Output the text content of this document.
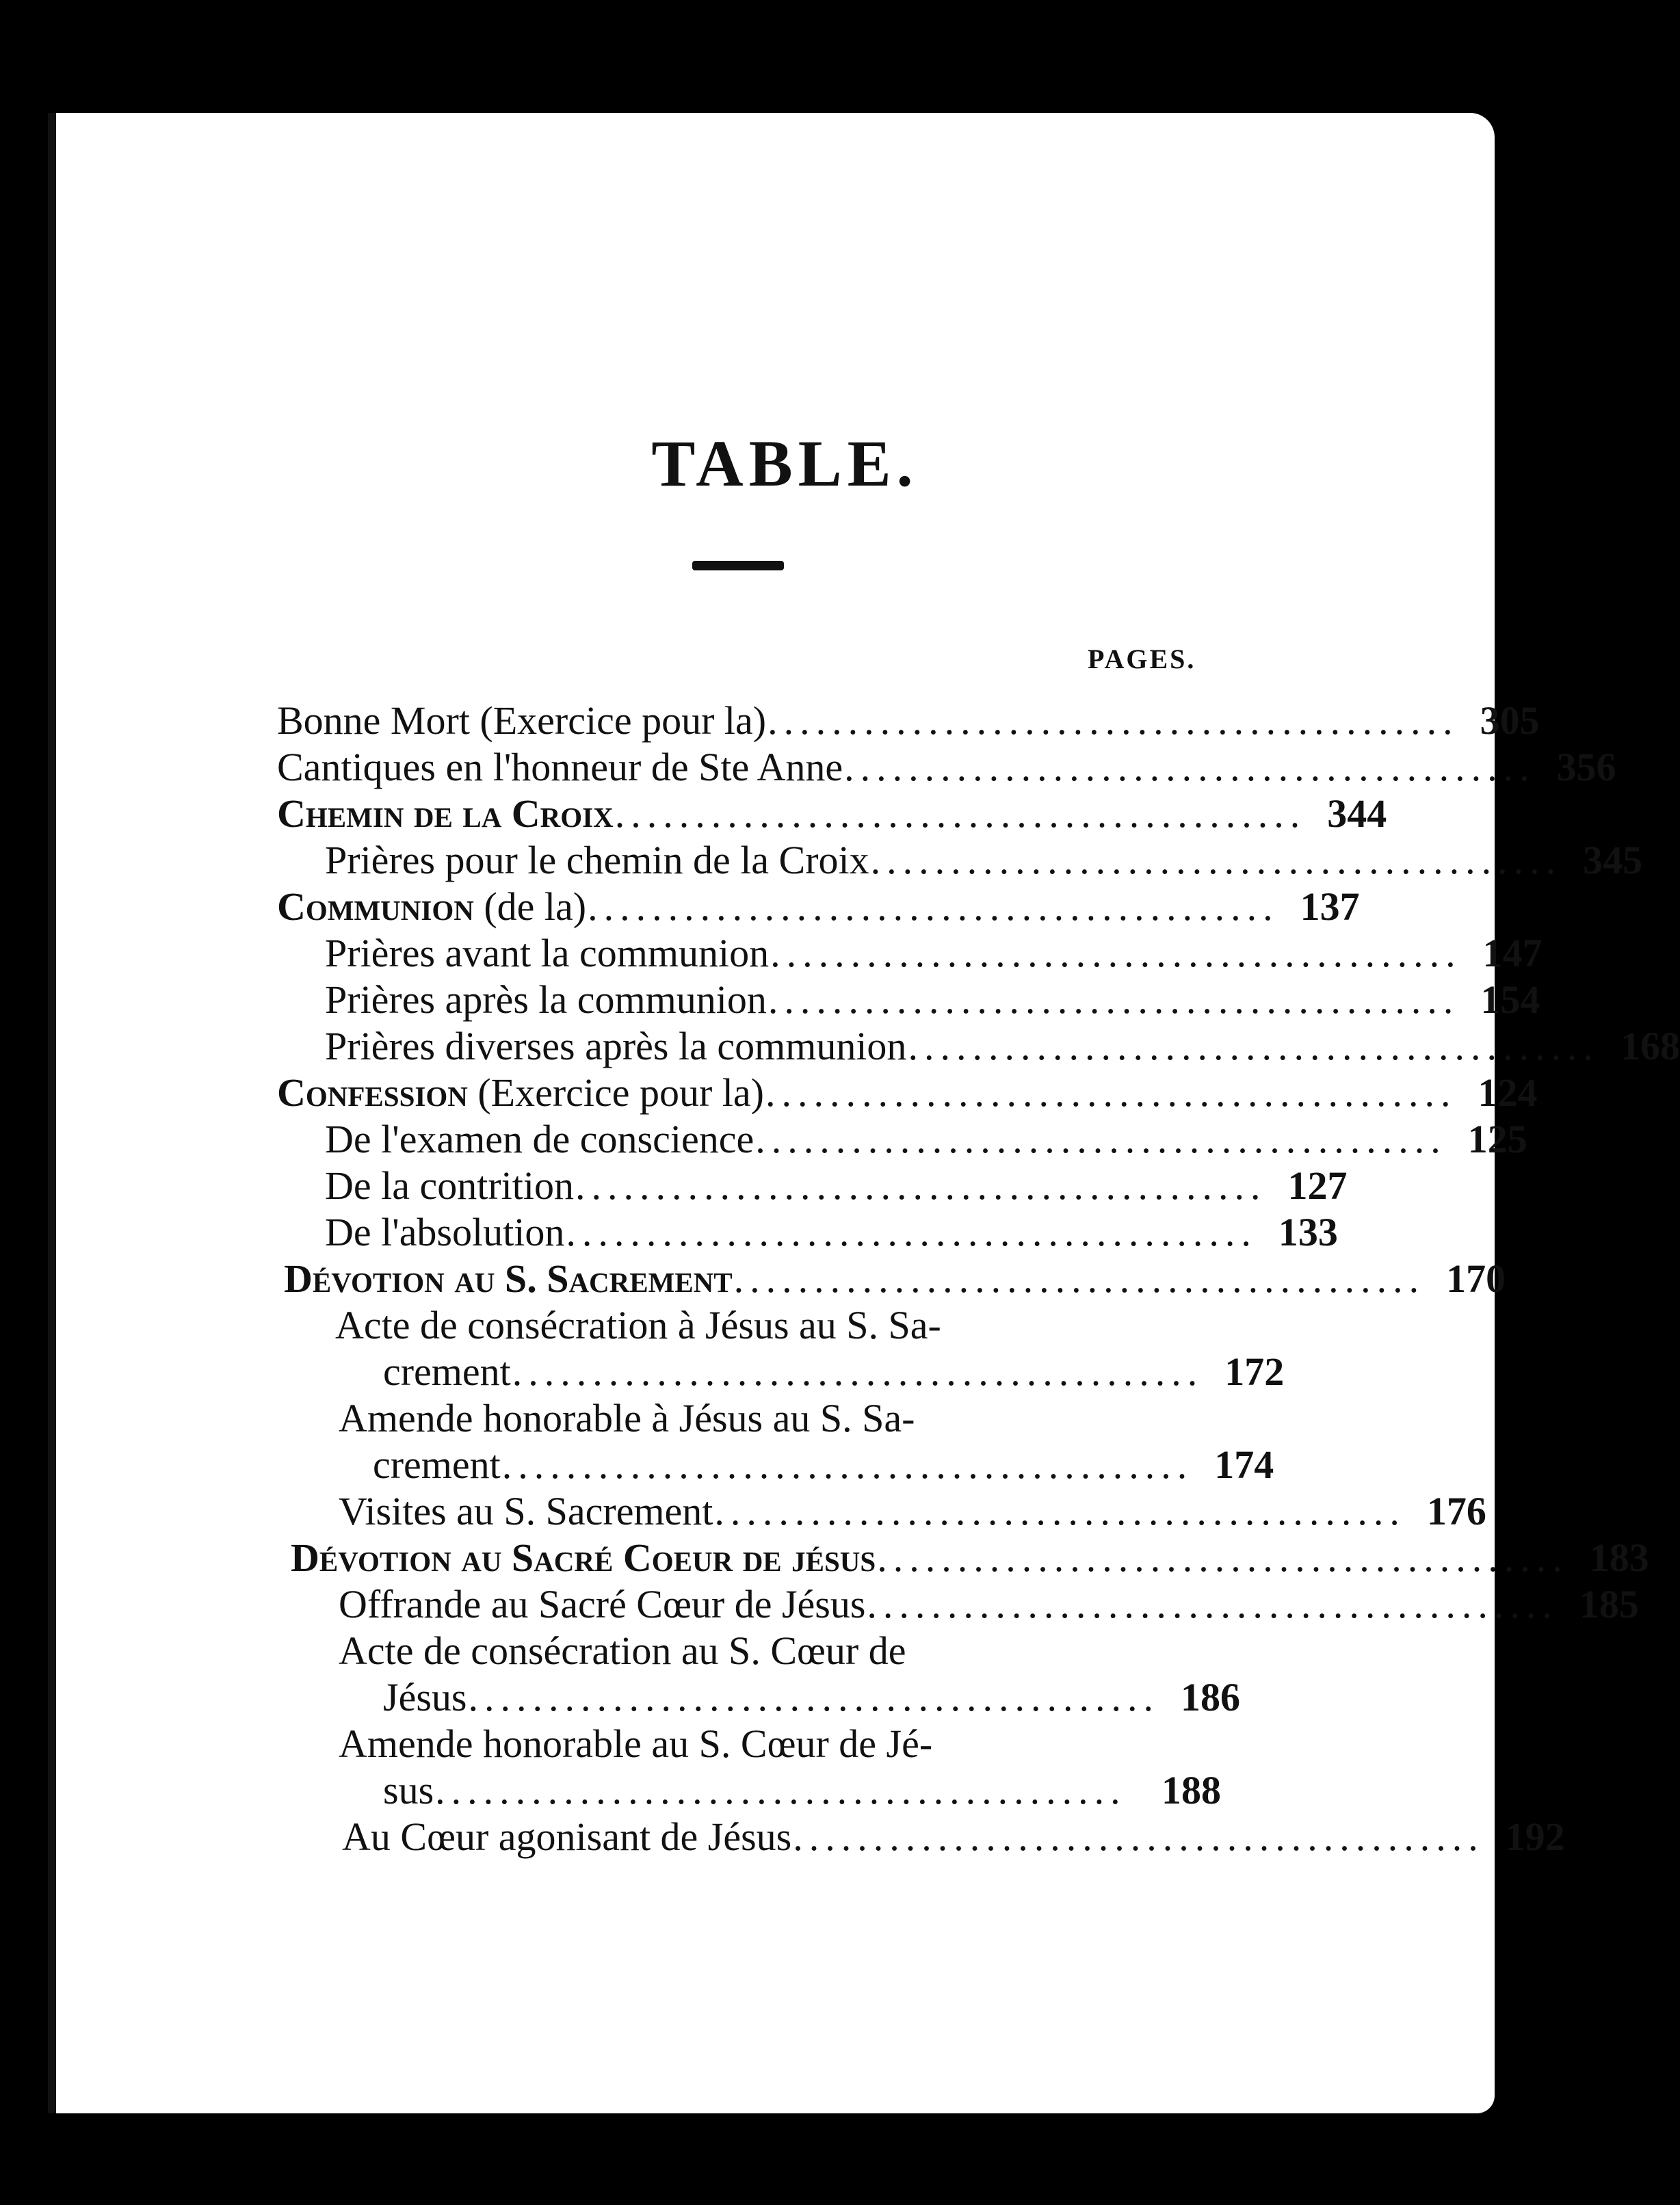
TABLE.
PAGES.
Bonne Mort (Exercice pour la) ........................................... 305
Cantiques en l'honneur de Ste Anne ........................................... 356
Chemin de la Croix ........................................... 344
Prières pour le chemin de la Croix ........................................... 345
Communion (de la) ........................................... 137
Prières avant la communion ........................................... 147
Prières après la communion ........................................... 154
Prières diverses après la communion ........................................... 168
Confession (Exercice pour la) ........................................... 124
De l'examen de conscience ........................................... 125
De la contrition ........................................... 127
De l'absolution ........................................... 133
Dévotion au S. Sacrement ........................................... 170
Acte de consécration à Jésus au S. Sa-
crement ........................................... 172
Amende honorable à Jésus au S. Sa-
crement ........................................... 174
Visites au S. Sacrement ........................................... 176
Dévotion au Sacré Coeur de jésus ........................................... 183
Offrande au Sacré Cœur de Jésus ........................................... 185
Acte de consécration au S. Cœur de
Jésus ........................................... 186
Amende honorable au S. Cœur de Jé-
sus ........................................... 188
Au Cœur agonisant de Jésus ........................................... 192
